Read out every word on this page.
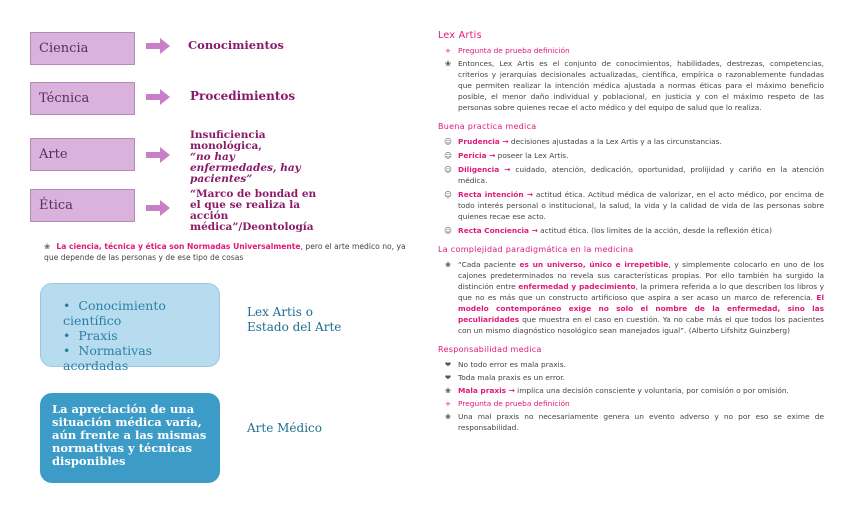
Ciencia
Técnica
Arte
Ética
Conocimientos
Procedimientos
Insuficiencia
monológica,
“no hay
enfermedades, hay
pacientes”
“Marco de bondad en
el que se realiza la
acción
médica”/Deontología
❀ La ciencia, técnica y ética son Normadas Universalmente, pero el arte medico no, ya que depende de las personas y de ese tipo de cosas
• Conocimiento científico
• Praxis
• Normativas acordadas
Lex Artis o
Estado del Arte
La apreciación de una situación médica varía, aún frente a las mismas normativas y técnicas disponibles
Arte Médico

Lex Artis

+ Pregunta de prueba definición
❀ Entonces, Lex Artis es el conjunto de conocimientos, habilidades, destrezas, competencias, criterios y jerarquías decisionales actualizadas, científica, empírica o razonablemente fundadas que permiten realizar la intención médica ajustada a normas éticas para el máximo beneficio posible, el menor daño individual y poblacional, en justicia y con el máximo respeto de las personas sobre quienes recae el acto médico y del equipo de salud que lo realiza.

Buena practica medica

☺ Prudencia → decisiones ajustadas a la Lex Artis y a las circunstancias.
☺ Pericia → poseer la Lex Artis.
☺ Diligencia → cuidado, atención, dedicación, oportunidad, prolijidad y cariño en la atención médica.
☺ Recta intención → actitud ética. Actitud médica de valorizar, en el acto médico, por encima de todo interés personal o institucional, la salud, la vida y la calidad de vida de las personas sobre quienes recae ese acto.
☺ Recta Conciencia → actitud ética. (los limites de la acción, desde la reflexión ética)

La complejidad paradigmática en la medicina

❀ “Cada paciente es un universo, único e irrepetible, y simplemente colocarlo en uno de los cajones predeterminados no revela sus características propias. Por ello también ha surgido la distinción entre enfermedad y padecimiento, la primera referida a lo que describen los libros y que no es más que un constructo artificioso que aspira a ser acaso un marco de referencia. El modelo contemporáneo exige no solo el nombre de la enfermedad, sino las peculiaridades que muestra en el caso en cuestión. Ya no cabe más el que todos los pacientes con un mismo diagnóstico nosológico sean manejados igual”. (Alberto Lifshitz Guinzberg)

Responsabilidad medica

❤ No todo error es mala praxis.
❤ Toda mala praxis es un error.
❀ Mala praxis → implica una decisión consciente y voluntaria, por comisión o por omisión.
+ Pregunta de prueba definición
❀ Una mal praxis no necesariamente genera un evento adverso y no por eso se exime de responsabilidad.
